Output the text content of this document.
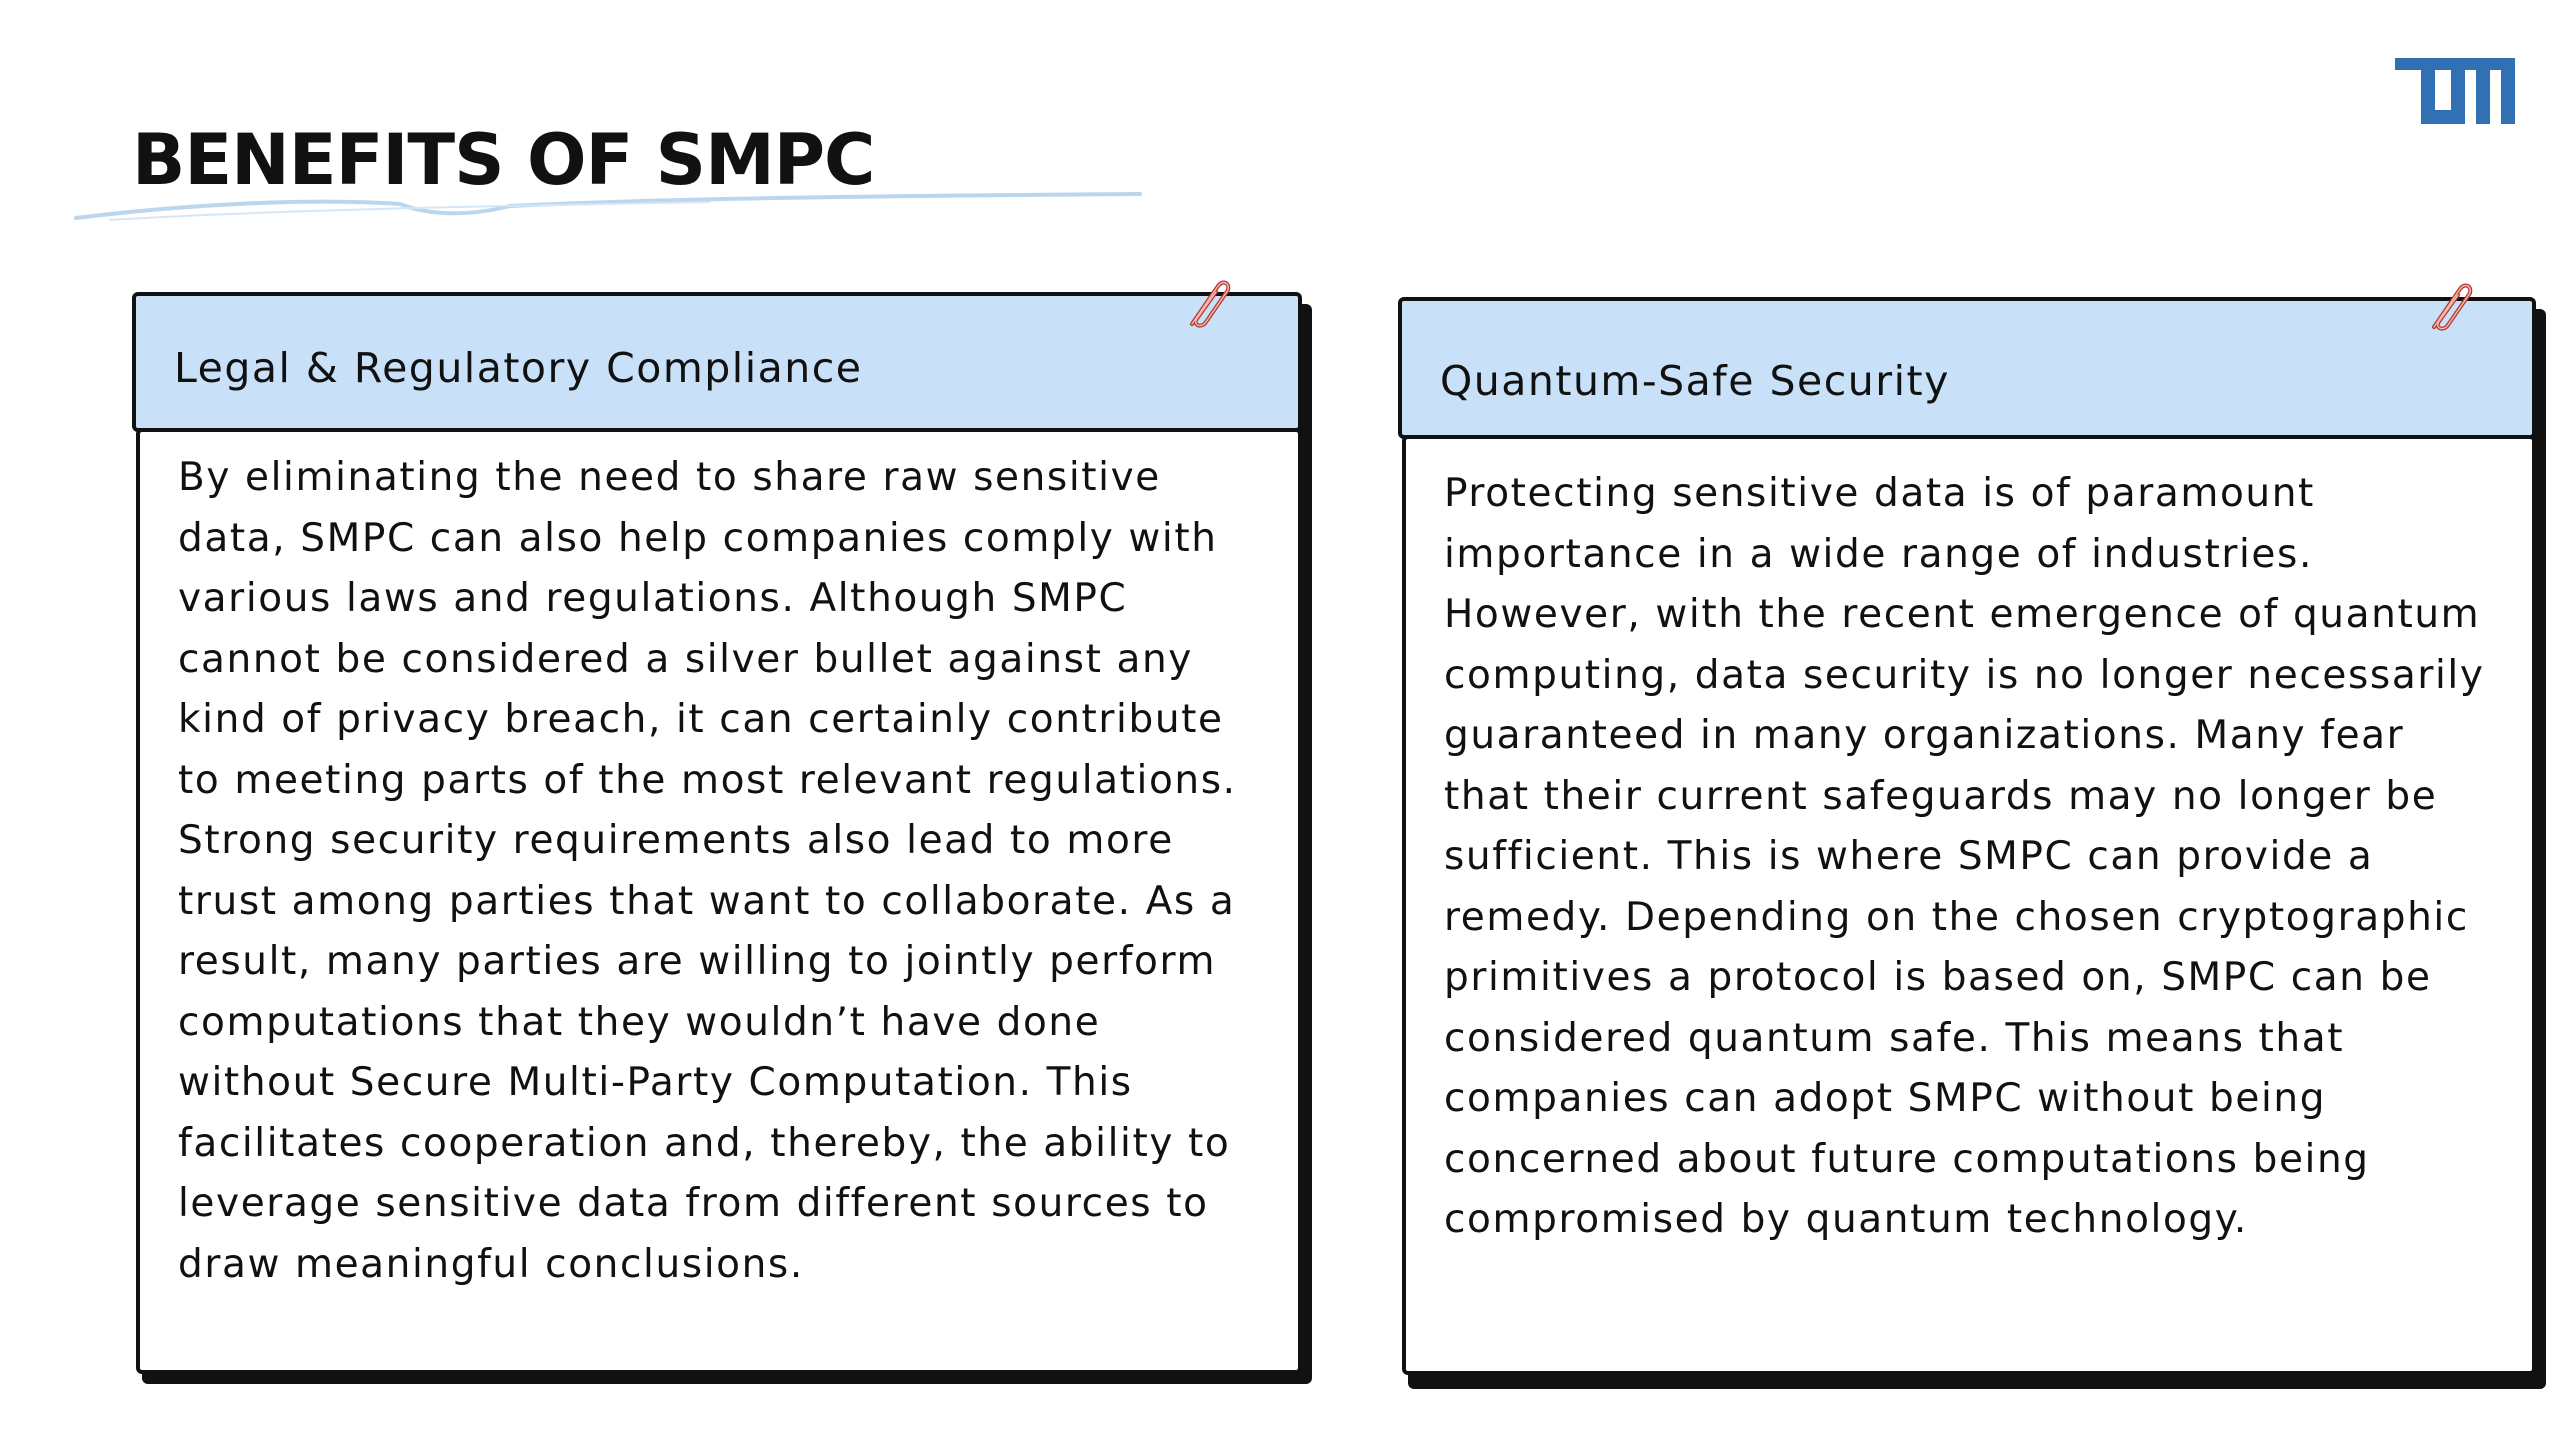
BENEFITS OF SMPC
Legal & Regulatory Compliance

By eliminating the need to share raw sensitive data, SMPC can also help companies comply with various laws and regulations. Although SMPC cannot be considered a silver bullet against any kind of privacy breach, it can certainly contribute to meeting parts of the most relevant regulations. Strong security requirements also lead to more trust among parties that want to collaborate. As a result, many parties are willing to jointly perform computations that they wouldn’t have done without Secure Multi-Party Computation. This facilitates cooperation and, thereby, the ability to leverage sensitive data from different sources to draw meaningful conclusions.

Quantum-Safe Security

Protecting sensitive data is of paramount importance in a wide range of industries. However, with the recent emergence of quantum computing, data security is no longer necessarily guaranteed in many organizations. Many fear that their current safeguards may no longer be sufficient. This is where SMPC can provide a remedy. Depending on the chosen cryptographic primitives a protocol is based on, SMPC can be considered quantum safe. This means that companies can adopt SMPC without being concerned about future computations being compromised by quantum technology.
